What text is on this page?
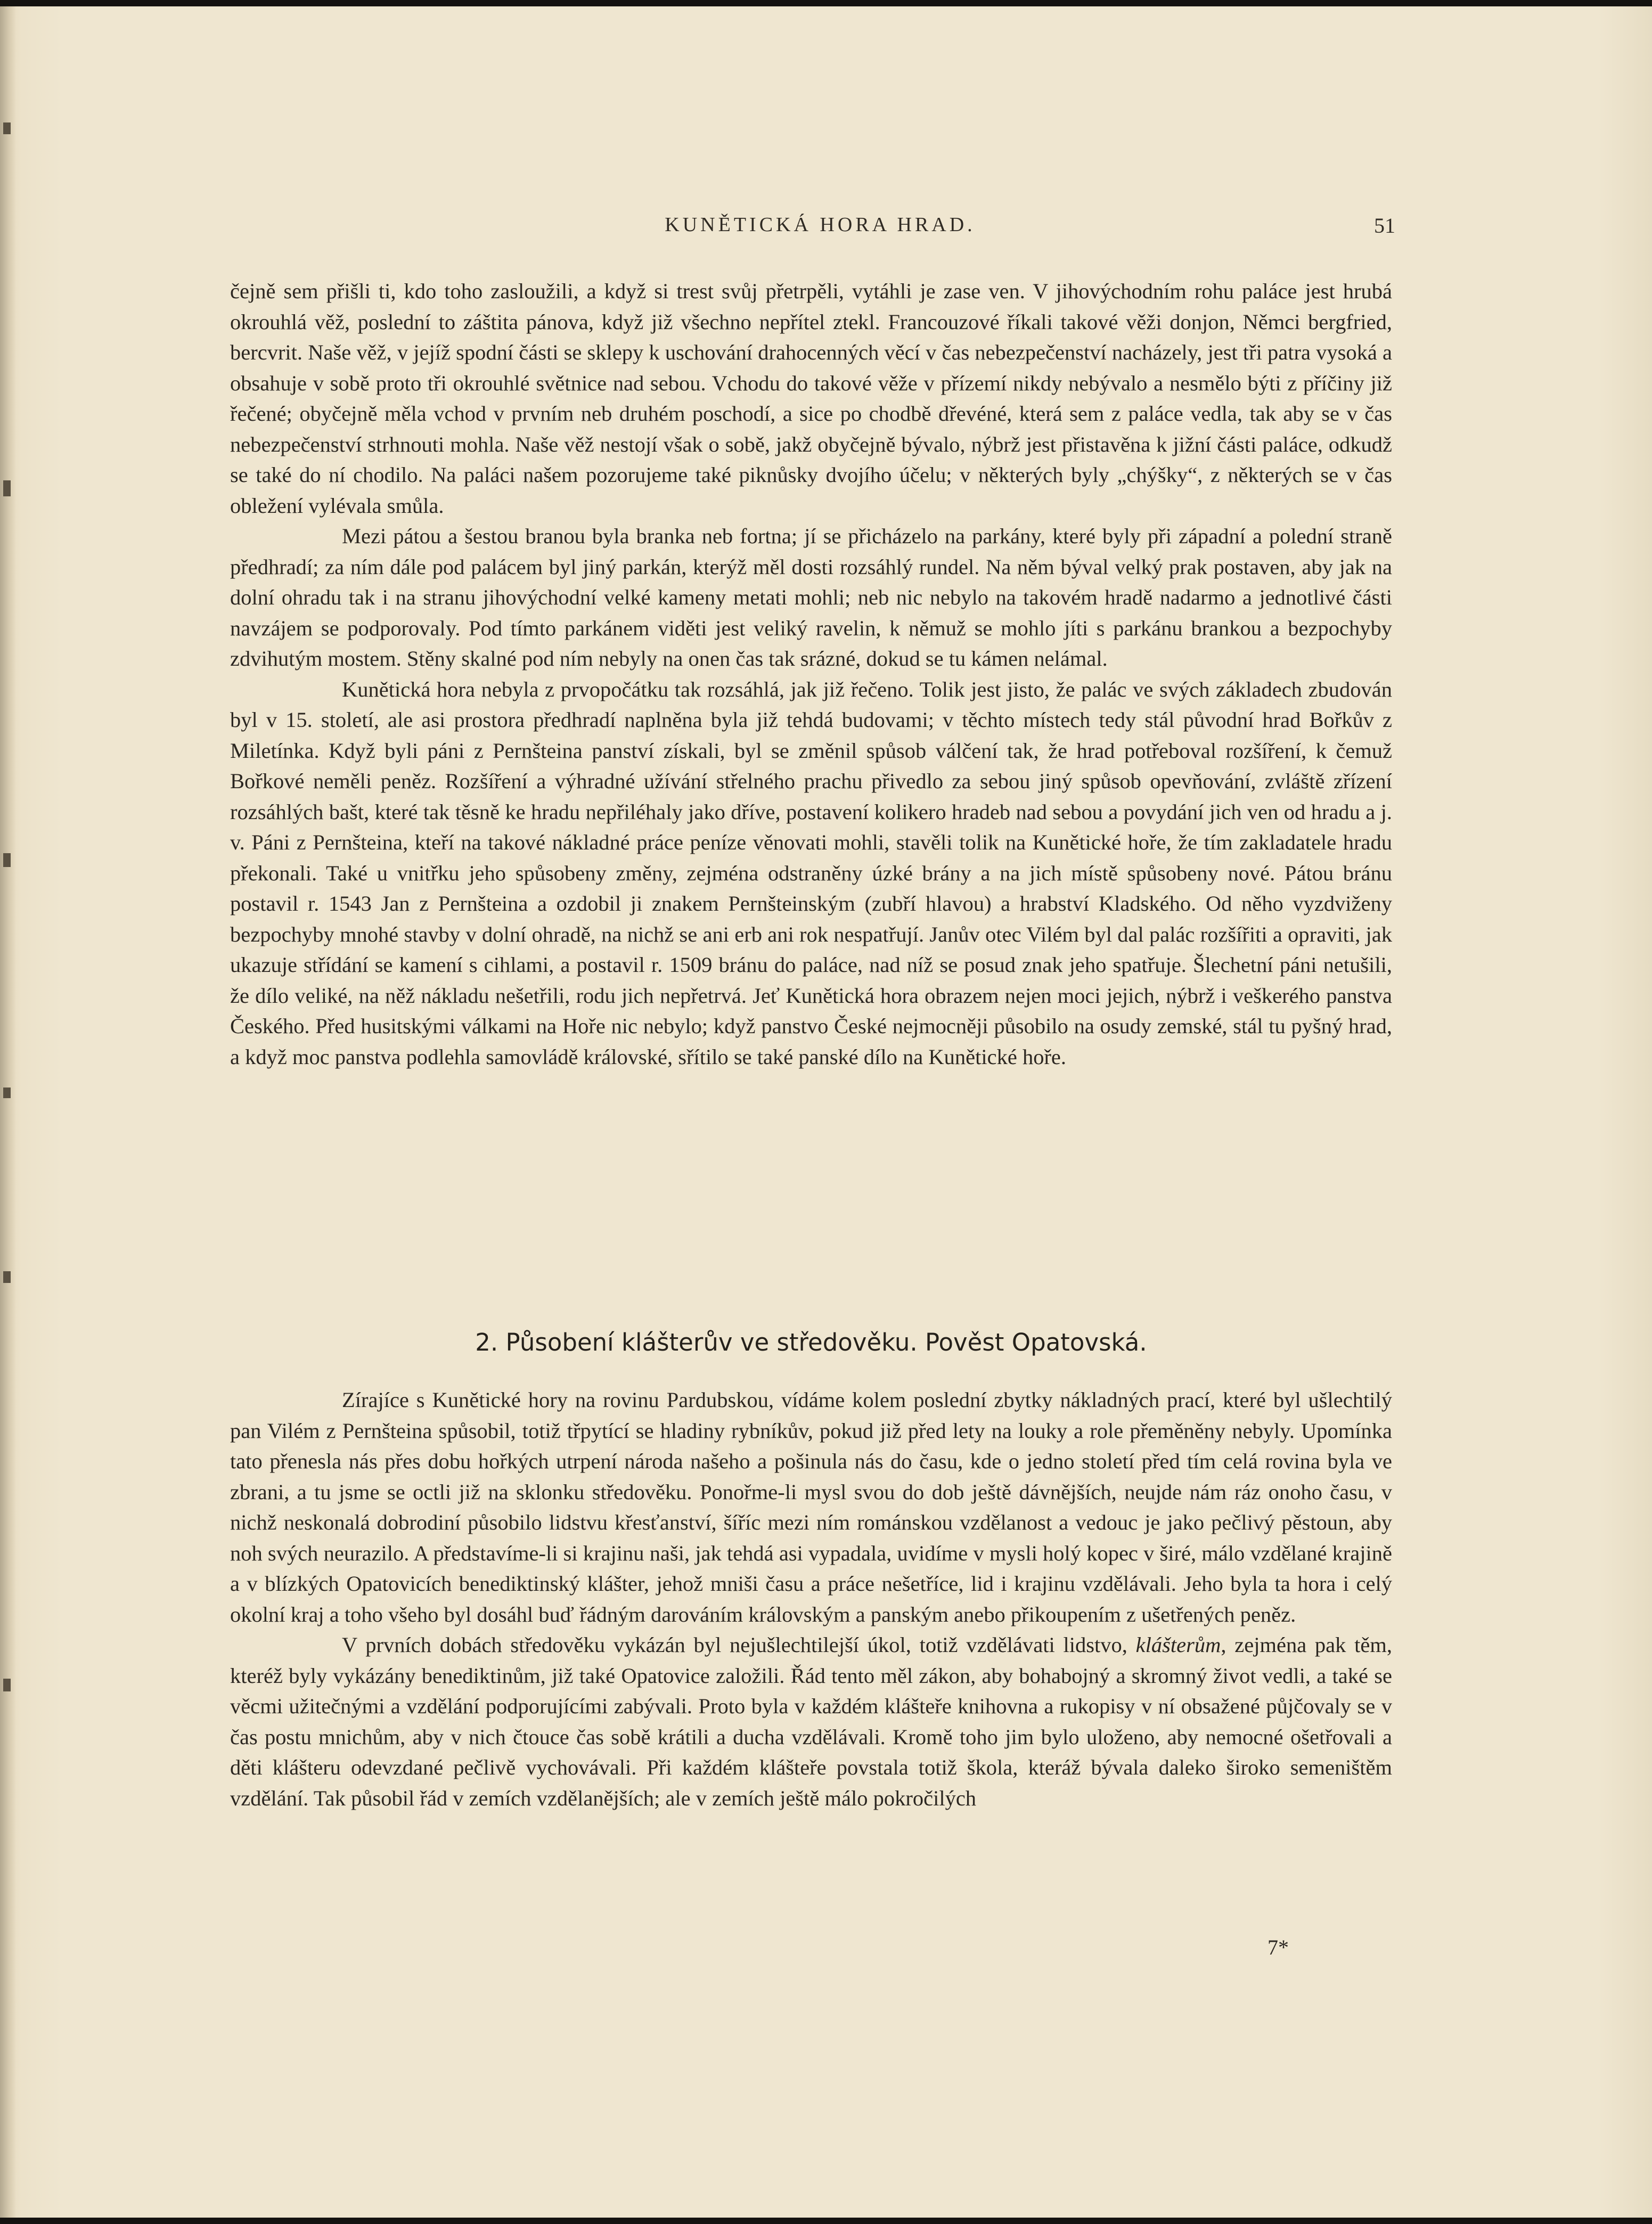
KUNĚTICKÁ HORA HRAD.	51

čejně sem přišli ti, kdo toho zasloužili, a když si trest svůj přetrpěli, vytáhli je zase ven. V jihovýchodním rohu paláce jest hrubá okrouhlá věž, poslední to záštita pánova, když již všechno nepřítel ztekl. Francouzové říkali takové věži donjon, Němci bergfried, bercvrit. Naše věž, v jejíž spodní části se sklepy k uschování drahocenných věcí v čas nebezpečenství nacházely, jest tři patra vysoká a obsahuje v sobě proto tři okrouhlé světnice nad sebou. Vchodu do takové věže v přízemí nikdy nebývalo a nesmělo býti z příčiny již řečené; obyčejně měla vchod v prvním neb druhém poschodí, a sice po chodbě dřevéné, která sem z paláce vedla, tak aby se v čas nebezpečenství strhnouti mohla. Naše věž nestojí však o sobě, jakž obyčejně bývalo, nýbrž jest přistavěna k jižní části paláce, odkudž se také do ní chodilo. Na paláci našem pozorujeme také piknůsky dvojího účelu; v některých byly „chýšky“, z některých se v čas obležení vylévala smůla.

Mezi pátou a šestou branou byla branka neb fortna; jí se přicházelo na parkány, které byly při západní a polední straně předhradí; za ním dále pod palácem byl jiný parkán, kterýž měl dosti rozsáhlý rundel. Na něm býval velký prak postaven, aby jak na dolní ohradu tak i na stranu jihovýchodní velké kameny metati mohli; neb nic nebylo na takovém hradě nadarmo a jednotlivé části navzájem se podporovaly. Pod tímto parkánem viděti jest veliký ravelin, k němuž se mohlo jíti s parkánu brankou a bezpochyby zdvihutým mostem. Stěny skalné pod ním nebyly na onen čas tak srázné, dokud se tu kámen nelámal.

Kunětická hora nebyla z prvopočátku tak rozsáhlá, jak již řečeno. Tolik jest jisto, že palác ve svých základech zbudován byl v 15. století, ale asi prostora předhradí naplněna byla již tehdá budovami; v těchto místech tedy stál původní hrad Bořkův z Miletínka. Když byli páni z Pernšteina panství získali, byl se změnil spůsob válčení tak, že hrad potřeboval rozšíření, k čemuž Bořkové neměli peněz. Rozšíření a výhradné užívání střelného prachu přivedlo za sebou jiný spůsob opevňování, zvláště zřízení rozsáhlých bašt, které tak těsně ke hradu nepřiléhaly jako dříve, postavení kolikero hradeb nad sebou a povydání jich ven od hradu a j. v. Páni z Pernšteina, kteří na takové nákladné práce peníze věnovati mohli, stavěli tolik na Kunětické hoře, že tím zakladatele hradu překonali. Také u vnitřku jeho spůsobeny změny, zejména odstraněny úzké brány a na jich místě spůsobeny nové. Pátou bránu postavil r. 1543 Jan z Pernšteina a ozdobil ji znakem Pernšteinským (zubří hlavou) a hrabství Kladského. Od něho vyzdviženy bezpochyby mnohé stavby v dolní ohradě, na nichž se ani erb ani rok nespatřují. Janův otec Vilém byl dal palác rozšířiti a opraviti, jak ukazuje střídání se kamení s cihlami, a postavil r. 1509 bránu do paláce, nad níž se posud znak jeho spatřuje. Šlechetní páni netušili, že dílo veliké, na něž nákladu nešetřili, rodu jich nepřetrvá. Jeť Kunětická hora obrazem nejen moci jejich, nýbrž i veškerého panstva Českého. Před husitskými válkami na Hoře nic nebylo; když panstvo České nejmocněji působilo na osudy zemské, stál tu pyšný hrad, a když moc panstva podlehla samovládě královské, sřítilo se také panské dílo na Kunětické hoře.

2. Působení klášterův ve středověku. Pověst Opatovská.

Zírajíce s Kunětické hory na rovinu Pardubskou, vídáme kolem poslední zbytky nákladných prací, které byl ušlechtilý pan Vilém z Pernšteina spůsobil, totiž třpytící se hladiny rybníkův, pokud již před lety na louky a role přeměněny nebyly. Upomínka tato přenesla nás přes dobu hořkých utrpení národa našeho a pošinula nás do času, kde o jedno století před tím celá rovina byla ve zbrani, a tu jsme se octli již na sklonku středověku. Ponořme-li mysl svou do dob ještě dávnějších, neujde nám ráz onoho času, v nichž neskonalá dobrodiní působilo lidstvu křesťanství, šíříc mezi ním románskou vzdělanost a vedouc je jako pečlivý pěstoun, aby noh svých neurazilo. A představíme-li si krajinu naši, jak tehdá asi vypadala, uvidíme v mysli holý kopec v širé, málo vzdělané krajině a v blízkých Opatovicích benediktinský klášter, jehož mniši času a práce nešetříce, lid i krajinu vzdělávali. Jeho byla ta hora i celý okolní kraj a toho všeho byl dosáhl buď řádným darováním královským a panským anebo přikoupením z ušetřených peněz.

V prvních dobách středověku vykázán byl nejušlechtilejší úkol, totiž vzdělávati lidstvo, klášterům, zejména pak těm, kteréž byly vykázány benediktinům, již také Opatovice založili. Řád tento měl zákon, aby bohabojný a skromný život vedli, a také se věcmi užitečnými a vzdělání podporujícími zabývali. Proto byla v každém klášteře knihovna a rukopisy v ní obsažené půjčovaly se v čas postu mnichům, aby v nich čtouce čas sobě krátili a ducha vzdělávali. Kromě toho jim bylo uloženo, aby nemocné ošetřovali a děti klášteru odevzdané pečlivě vychovávali. Při každém klášteře povstala totiž škola, kteráž bývala daleko široko semeništěm vzdělání. Tak působil řád v zemích vzdělanějších; ale v zemích ještě málo pokročilých

7*
